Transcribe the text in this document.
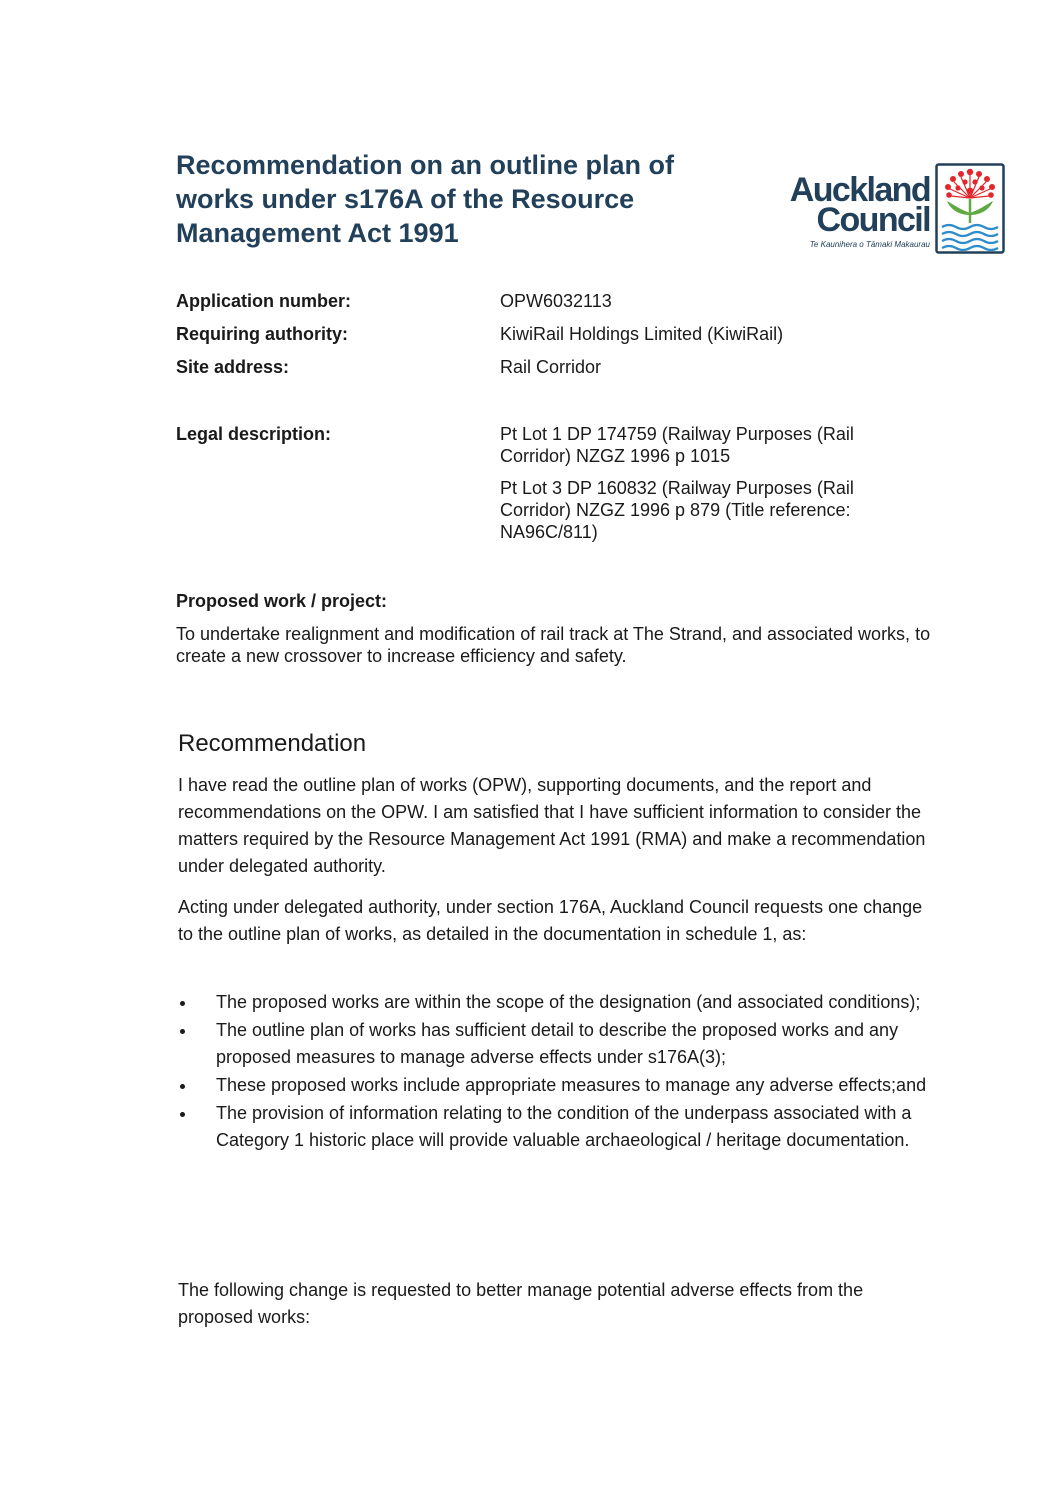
Recommendation on an outline plan of
works under s176A of the Resource
Management Act 1991
Auckland
Council
Te Kaunihera o Tāmaki Makaurau
Application number:	OPW6032113
Requiring authority:	KiwiRail Holdings Limited (KiwiRail)
Site address:	Rail Corridor
Legal description:	Pt Lot 1 DP 174759 (Railway Purposes (Rail Corridor) NZGZ 1996 p 1015
Pt Lot 3 DP 160832 (Railway Purposes (Rail Corridor) NZGZ 1996 p 879 (Title reference: NA96C/811)
Proposed work / project:
To undertake realignment and modification of rail track at The Strand, and associated works, to create a new crossover to increase efficiency and safety.
Recommendation

I have read the outline plan of works (OPW), supporting documents, and the report and recommendations on the OPW. I am satisfied that I have sufficient information to consider the matters required by the Resource Management Act 1991 (RMA) and make a recommendation under delegated authority.

Acting under delegated authority, under section 176A, Auckland Council requests one change to the outline plan of works, as detailed in the documentation in schedule 1, as:

The proposed works are within the scope of the designation (and associated conditions);
The outline plan of works has sufficient detail to describe the proposed works and any proposed measures to manage adverse effects under s176A(3);
These proposed works include appropriate measures to manage any adverse effects;and
The provision of information relating to the condition of the underpass associated with a Category 1 historic place will provide valuable archaeological / heritage documentation.

The following change is requested to better manage potential adverse effects from the proposed works:
